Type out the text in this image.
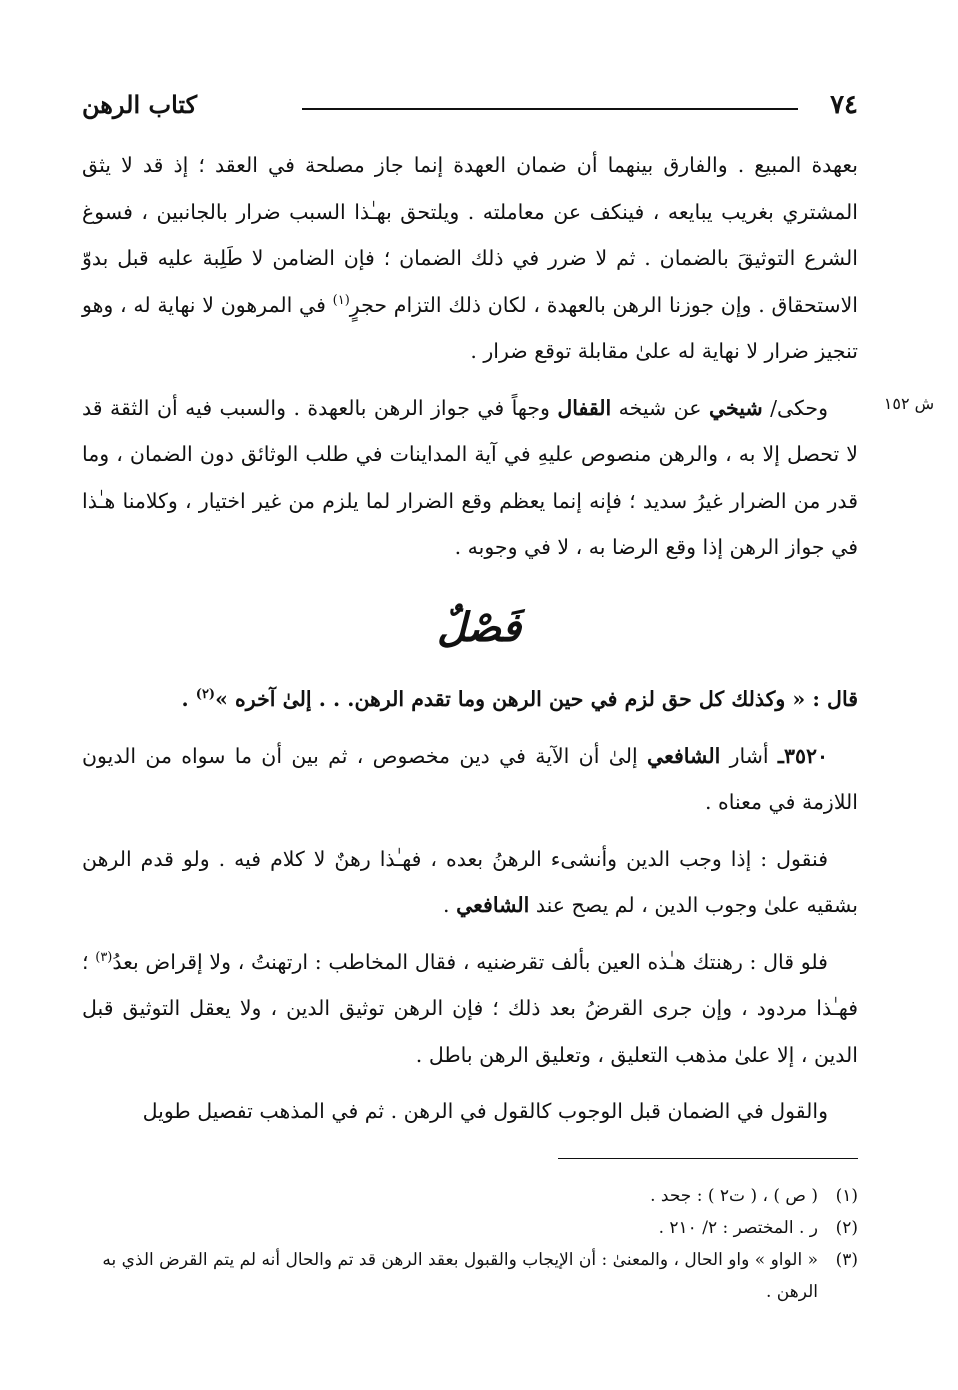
٧٤
كتاب الرهن
ش ١٥٢

بعهدة المبيع . والفارق بينهما أن ضمان العهدة إنما جاز مصلحة في العقد ؛ إذ قد لا يثق المشتري بغريب يبايعه ، فينكف عن معاملته . ويلتحق بهـٰذا السبب ضرار بالجانبين ، فسوغ الشرع التوثيقَ بالضمان . ثم لا ضرر في ذلك الضمان ؛ فإن الضامن لا طَلِبة عليه قبل بدوّ الاستحقاق . وإن جوزنا الرهن بالعهدة ، لكان ذلك التزام حجرٍ$^{(١)}$ في المرهون لا نهاية له ، وهو تنجيز ضرار لا نهاية له علىٰ مقابلة توقع ضرار .

وحكى/ شيخي عن شيخه القفال وجهاً في جواز الرهن بالعهدة . والسبب فيه أن الثقة قد لا تحصل إلا به ، والرهن منصوص عليهِ في آية المداينات في طلب الوثائق دون الضمان ، وما قدر من الضرار غيرُ سديد ؛ فإنه إنما يعظم وقع الضرار لما يلزم من غير اختيار ، وكلامنا هـٰذا في جواز الرهن إذا وقع الرضا به ، لا في وجوبه .

فَصْلٌ

قال : « وكذلك كل حق لزم في حين الرهن وما تقدم الرهن. . . إلىٰ آخره »$^{(٢)}$ .

٣٥٢٠ـ أشار الشافعي إلىٰ أن الآية في دين مخصوص ، ثم بين أن ما سواه من الديون اللازمة في معناه .

فنقول : إذا وجب الدين وأنشىء الرهنُ بعده ، فهـٰذا رهنٌ لا كلام فيه . ولو قدم الرهن بشقيه علىٰ وجوب الدين ، لم يصح عند الشافعي .

فلو قال : رهنتك هـٰذه العين بألف تقرضنيه ، فقال المخاطب : ارتهنتُ ، ولا إقراض بعدُ$^{(٣)}$ ؛ فهـٰذا مردود ، وإن جرى القرضُ بعد ذلك ؛ فإن الرهن توثيق الدين ، ولا يعقل التوثيق قبل الدين ، إلا علىٰ مذهب التعليق ، وتعليق الرهن باطل .

والقول في الضمان قبل الوجوب كالقول في الرهن . ثم في المذهب تفصيل طويل

(١)
( ص ) ، ( ت٢ ) : جحد .

(٢)
ر . المختصر : ٢/ ٢١٠ .

(٣)
« الواو » واو الحال ، والمعنىٰ : أن الإيجاب والقبول بعقد الرهن قد تم والحال أنه لم يتم القرض الذي به الرهن .
